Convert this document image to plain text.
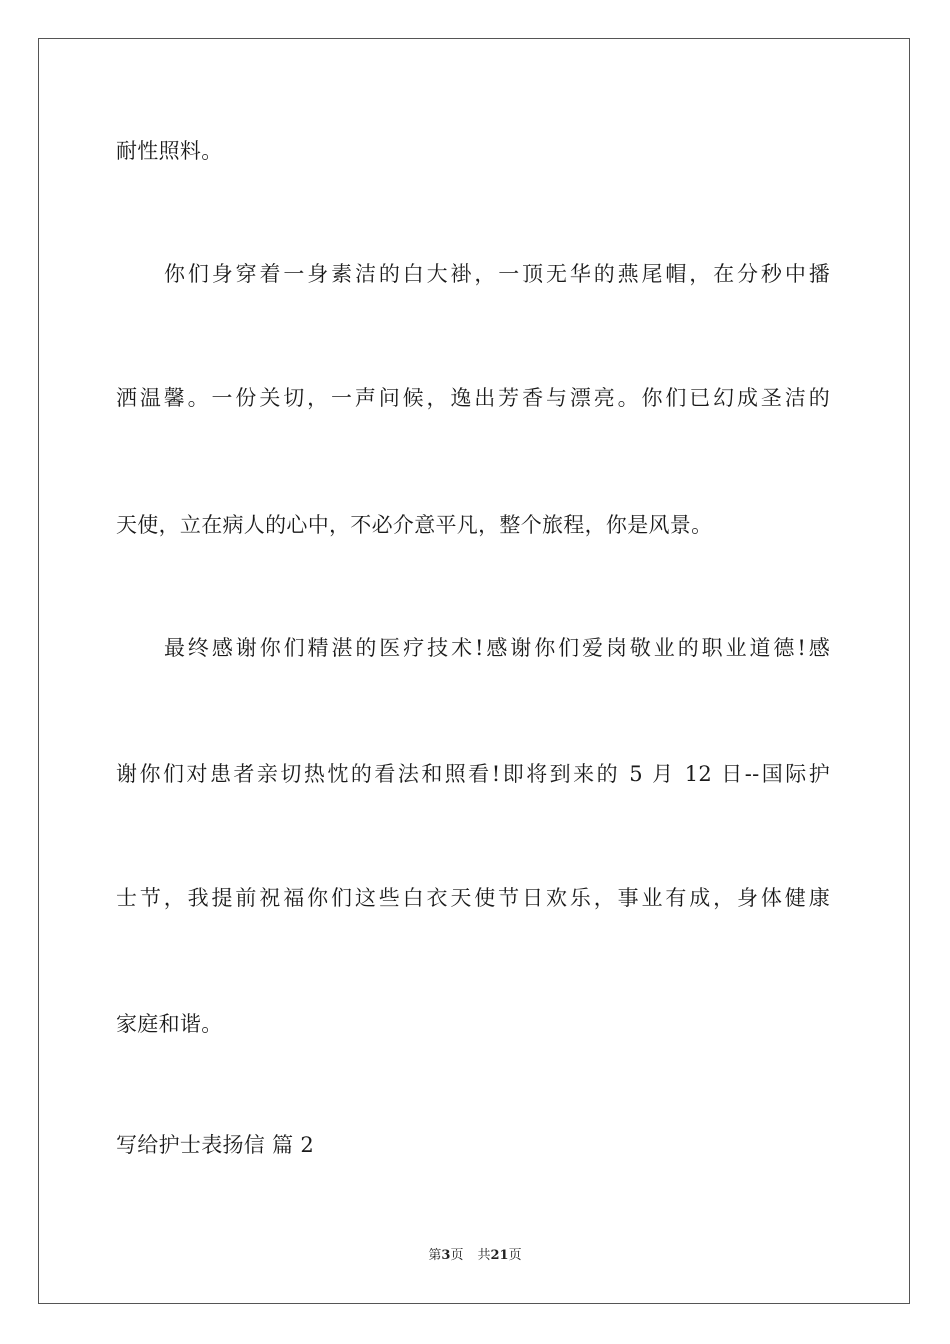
耐性照料。
你们身穿着一身素洁的白大褂，一顶无华的燕尾帽，在分秒中播
洒温馨。一份关切，一声问候，逸出芳香与漂亮。你们已幻成圣洁的
天使，立在病人的心中，不必介意平凡，整个旅程，你是风景。
最终感谢你们精湛的医疗技术!感谢你们爱岗敬业的职业道德!感
谢你们对患者亲切热忱的看法和照看!即将到来的 5 月 12 日--国际护
士节，我提前祝福你们这些白衣天使节日欢乐，事业有成，身体健康
家庭和谐。
写给护士表扬信 篇 2
第3页 共21页
